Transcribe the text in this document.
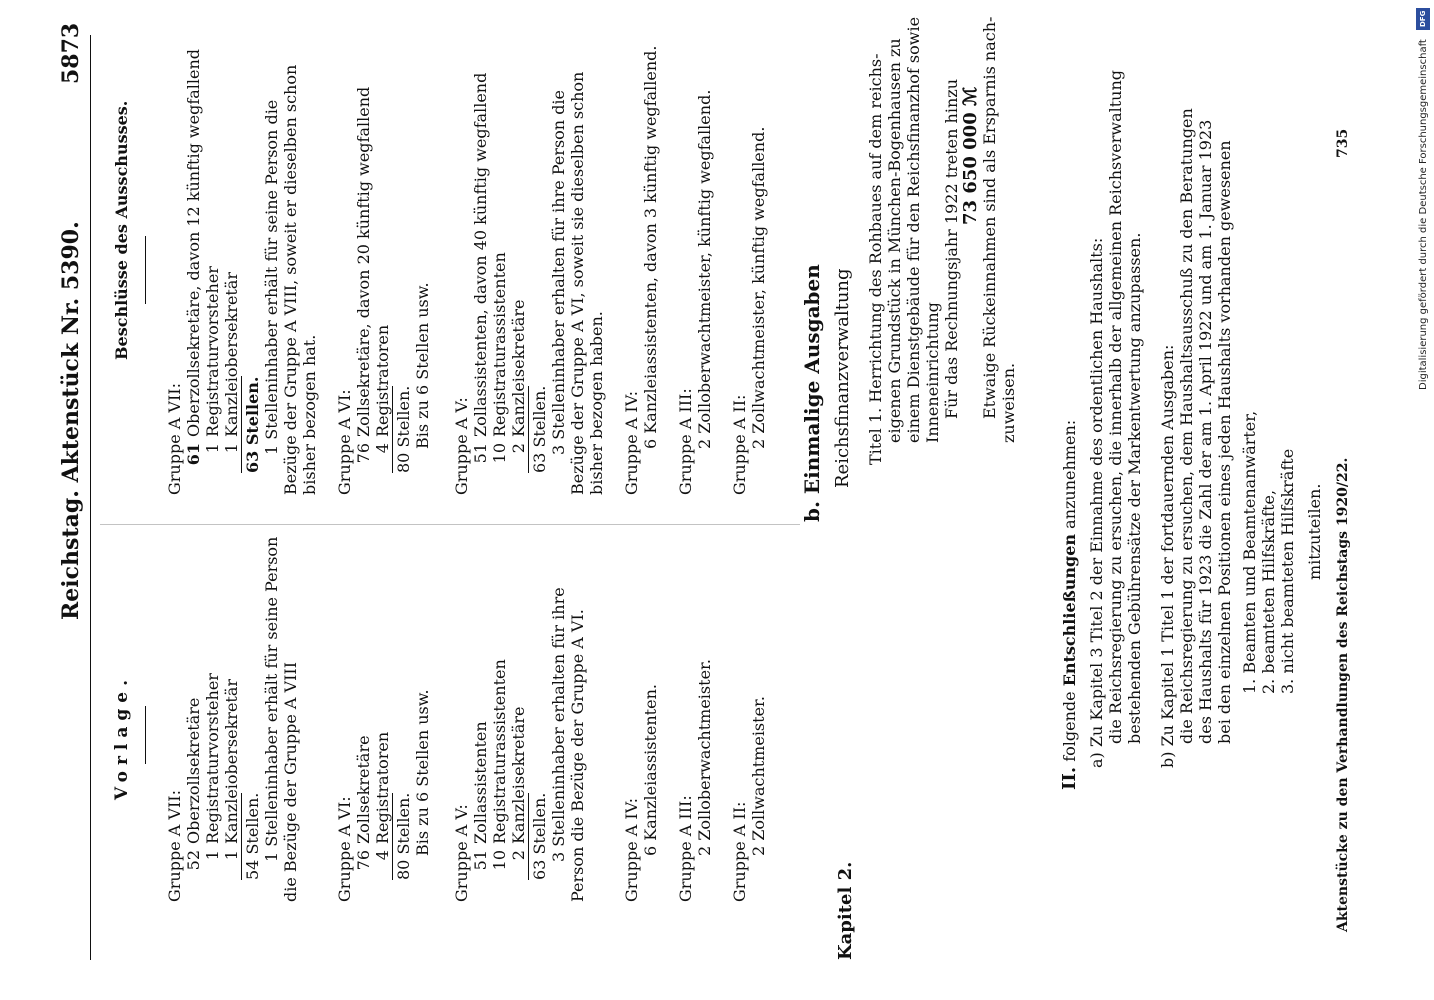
Reichstag. Aktenstück Nr. 5390.
5873
Vorlage.
Beschlüsse des Ausschusses.
Gruppe A VII: 52Oberzollsekretäre
1Registraturvorsteher
1Kanzleiobersekretär 54 Stellen. 1 Stelleninhaber erhält für seine Person die Bezüge der Gruppe A VIII Gruppe A VI: 76Zollsekretäre
4Registratoren 80 Stellen. Bis zu 6 Stellen usw. Gruppe A V: 51Zollassistenten
10Registraturassistenten
2Kanzleisekretäre 63 Stellen. 3 Stelleninhaber erhalten für ihre Person die Bezüge der Gruppe A VI. Gruppe A IV: 6 Kanzleiassistenten. Gruppe A III: 2 Zolloberwachtmeister. Gruppe A II: 2 Zollwachtmeister.
Kapitel 2.
Gruppe A VII: 61Oberzollsekretäre, davon 12 künftig wegfallend
1Registraturvorsteher
1Kanzleiobersekretär 63 Stellen. 1 Stelleninhaber erhält für seine Person die Bezüge der Gruppe A VIII, soweit er dieselben schon bisher bezogen hat. Gruppe A VI: 76Zollsekretäre, davon 20 künftig wegfallend
4Registratoren 80 Stellen. Bis zu 6 Stellen usw. Gruppe A V: 51Zollassistenten, davon 40 künftig wegfallend
10Registraturassistenten
2Kanzleisekretäre 63 Stellen. 3 Stelleninhaber erhalten für ihre Person die Bezüge der Gruppe A VI, soweit sie dieselben schon bisher bezogen haben. Gruppe A IV: 6 Kanzleiassistenten, davon 3 künftig wegfallend. Gruppe A III: 2 Zolloberwachtmeister, künftig wegfallend. Gruppe A II: 2 Zollwachtmeister, künftig wegfallend. b. Einmalige Ausgaben Reichsfinanzverwaltung Titel 1. Herrichtung des Rohbaues auf dem reichs- eigenen Grundstück in München-Bogenhausen zu einem Dienstgebäude für den Reichsfinanzhof sowie Inneneinrichtung Für das Rechnungsjahr 1922 treten hinzu 73 650 000 ℳ Etwaige Rückeinnahmen sind als Ersparnis nach- zuweisen.
II. folgende Entschließungen anzunehmen: a) Zu Kapitel 3 Titel 2 der Einnahme des ordentlichen Haushalts: die Reichsregierung zu ersuchen, die innerhalb der allgemeinen Reichsverwaltung bestehenden Gebührensätze der Markentwertung anzupassen. b) Zu Kapitel 1 Titel 1 der fortdauernden Ausgaben: die Reichsregierung zu ersuchen, dem Haushaltsausschuß zu den Beratungen des Haushalts für 1923 die Zahl der am 1. April 1922 und am 1. Januar 1923 bei den einzelnen Positionen eines jeden Haushalts vorhanden gewesenen 1. Beamten und Beamtenanwärter, 2. beamteten Hilfskräfte, 3. nicht beamteten Hilfskräfte mitzuteilen. Aktenstücke zu den Verhandlungen des Reichstags 1920/22.
735
DFG
Digitalisierung gefördert durch die Deutsche Forschungsgemeinschaft
